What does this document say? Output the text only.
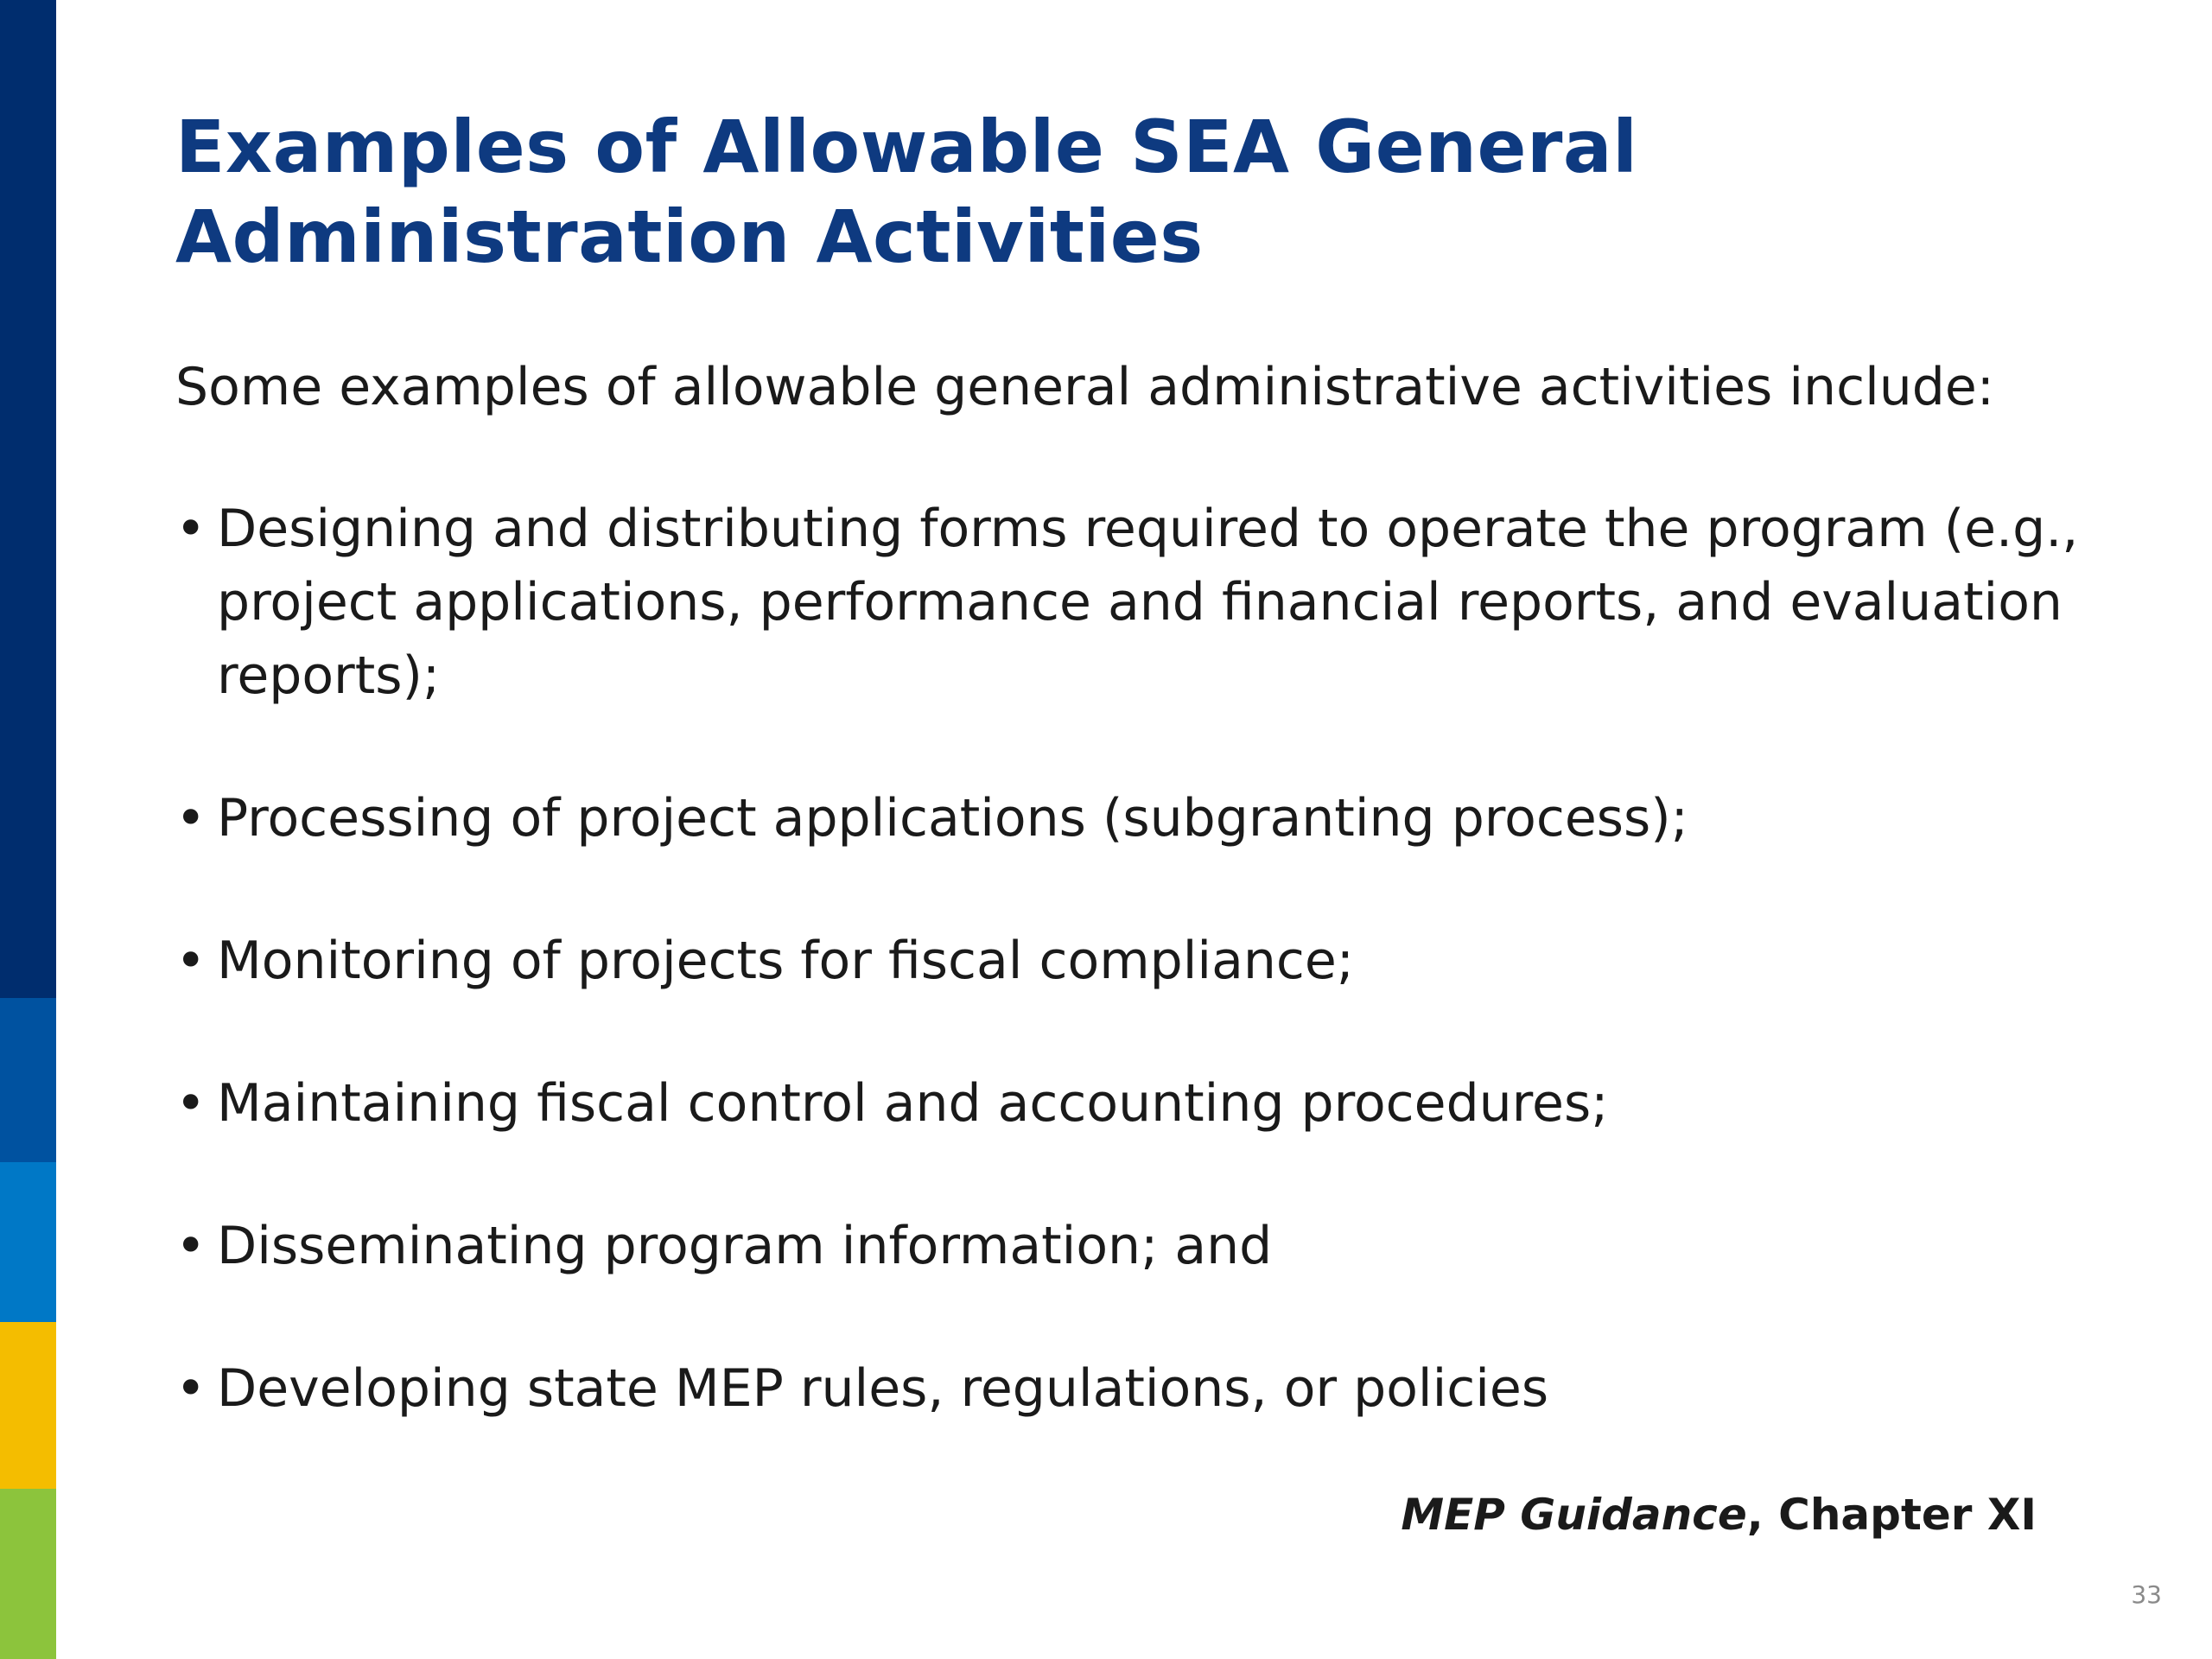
Examples of Allowable SEA General Administration Activities

Some examples of allowable general administrative activities include:

• Designing and distributing forms required to operate the program (e.g., project applications, performance and financial reports, and evaluation reports);
• Processing of project applications (subgranting process);
• Monitoring of projects for fiscal compliance;
• Maintaining fiscal control and accounting procedures;
• Disseminating program information; and
• Developing state MEP rules, regulations, or policies

MEP Guidance, Chapter XI

33
